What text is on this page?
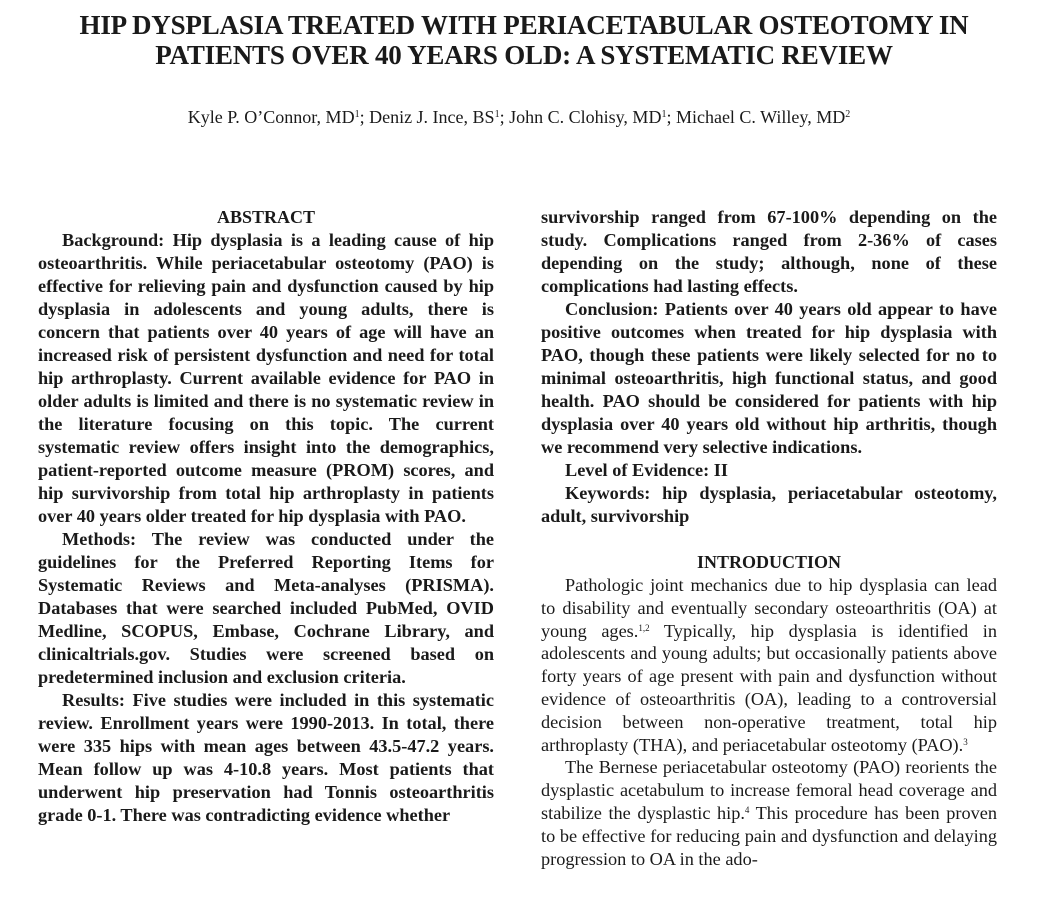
HIP DYSPLASIA TREATED WITH PERIACETABULAR OSTEOTOMY IN
PATIENTS OVER 40 YEARS OLD: A SYSTEMATIC REVIEW
Kyle P. O’Connor, $MD^1$; Deniz J. Ince, $BS^1$; John C. Clohisy, $MD^1$; Michael C. Willey, $MD^2$
ABSTRACT

Background: Hip dysplasia is a leading cause of hip osteoarthritis. While periacetabular osteotomy (PAO) is effective for relieving pain and dysfunction caused by hip dysplasia in adolescents and young adults, there is concern that patients over 40 years of age will have an increased risk of persistent dysfunction and need for total hip arthroplasty. Current available evidence for PAO in older adults is limited and there is no systematic review in the literature focusing on this topic. The current systematic review offers insight into the demographics, patient-reported outcome measure (PROM) scores, and hip survivorship from total hip arthroplasty in patients over 40 years older treated for hip dysplasia with PAO.

Methods: The review was conducted under the guidelines for the Preferred Reporting Items for Systematic Reviews and Meta-analyses (PRISMA). Databases that were searched included PubMed, OVID Medline, SCOPUS, Embase, Cochrane Library, and clinicaltrials.gov. Studies were screened based on predetermined inclusion and exclusion criteria.

Results: Five studies were included in this systematic review. Enrollment years were 1990-2013. In total, there were 335 hips with mean ages between 43.5-47.2 years. Mean follow up was 4-10.8 years. Most patients that underwent hip preservation had Tonnis osteoarthritis grade 0-1. There was contradicting evidence whether

survivorship ranged from 67-100% depending on the study. Complications ranged from 2-36% of cases depending on the study; although, none of these complications had lasting effects.

Conclusion: Patients over 40 years old appear to have positive outcomes when treated for hip dysplasia with PAO, though these patients were likely selected for no to minimal osteoarthritis, high functional status, and good health. PAO should be considered for patients with hip dysplasia over 40 years old without hip arthritis, though we recommend very selective indications.

Level of Evidence: II

Keywords: hip dysplasia, periacetabular osteotomy, adult, survivorship

INTRODUCTION

Pathologic joint mechanics due to hip dysplasia can lead to disability and eventually secondary osteoarthritis (OA) at young ages.$^{1,2}$ Typically, hip dysplasia is identified in adolescents and young adults; but occasionally patients above forty years of age present with pain and dysfunction without evidence of osteoarthritis (OA), leading to a controversial decision between non-operative treatment, total hip arthroplasty (THA), and periacetabular osteotomy (PAO).$^3$

The Bernese periacetabular osteotomy (PAO) reorients the dysplastic acetabulum to increase femoral head coverage and stabilize the dysplastic hip.$^4$ This procedure has been proven to be effective for reducing pain and dysfunction and delaying progression to OA in the ado-
